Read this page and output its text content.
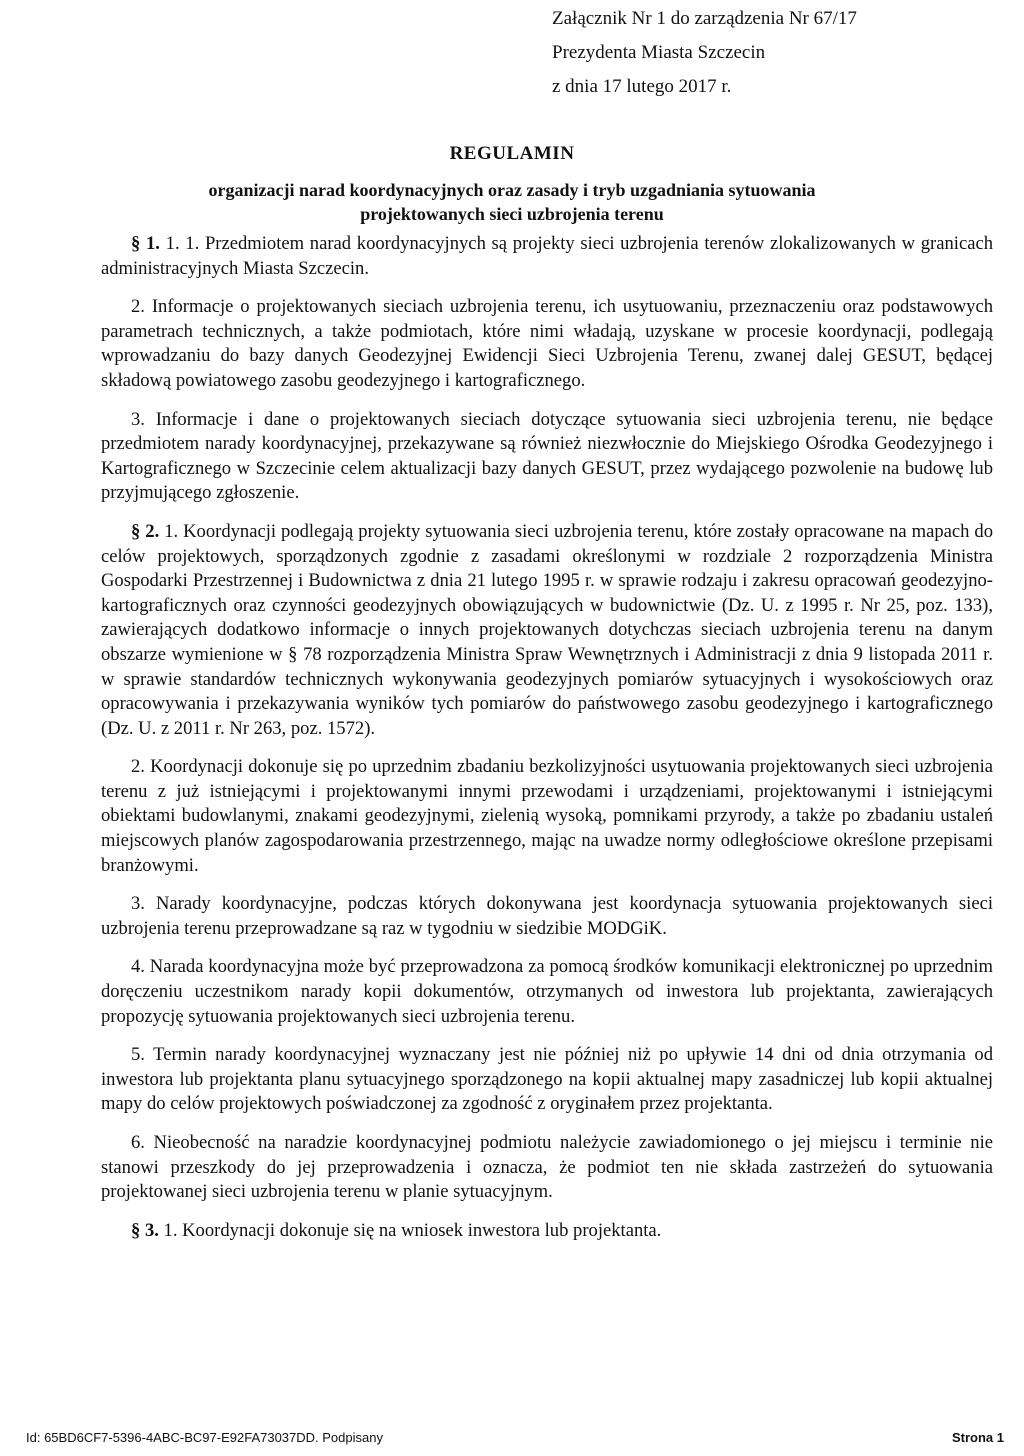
Załącznik Nr 1 do zarządzenia Nr 67/17
Prezydenta Miasta Szczecin
z dnia 17 lutego 2017 r.
REGULAMIN
organizacji narad koordynacyjnych oraz zasady i tryb uzgadniania sytuowania
projektowanych sieci uzbrojenia terenu

§ 1. 1. 1. Przedmiotem narad koordynacyjnych są projekty sieci uzbrojenia terenów zlokalizowanych w granicach administracyjnych Miasta Szczecin.

2. Informacje o projektowanych sieciach uzbrojenia terenu, ich usytuowaniu, przeznaczeniu oraz podstawowych parametrach technicznych, a także podmiotach, które nimi władają, uzyskane w procesie koordynacji, podlegają wprowadzaniu do bazy danych Geodezyjnej Ewidencji Sieci Uzbrojenia Terenu, zwanej dalej GESUT, będącej składową powiatowego zasobu geodezyjnego i kartograficznego.

3. Informacje i dane o projektowanych sieciach dotyczące sytuowania sieci uzbrojenia terenu, nie będące przedmiotem narady koordynacyjnej, przekazywane są również niezwłocznie do Miejskiego Ośrodka Geodezyjnego i Kartograficznego w Szczecinie celem aktualizacji bazy danych GESUT, przez wydającego pozwolenie na budowę lub przyjmującego zgłoszenie.

§ 2. 1. Koordynacji podlegają projekty sytuowania sieci uzbrojenia terenu, które zostały opracowane na mapach do celów projektowych, sporządzonych zgodnie z zasadami określonymi w rozdziale 2 rozporządzenia Ministra Gospodarki Przestrzennej i Budownictwa z dnia 21 lutego 1995 r. w sprawie rodzaju i zakresu opracowań geodezyjno-kartograficznych oraz czynności geodezyjnych obowiązujących w budownictwie (Dz. U. z 1995 r. Nr 25, poz. 133), zawierających dodatkowo informacje o innych projektowanych dotychczas sieciach uzbrojenia terenu na danym obszarze wymienione w § 78 rozporządzenia Ministra Spraw Wewnętrznych i Administracji z dnia 9 listopada 2011 r. w sprawie standardów technicznych wykonywania geodezyjnych pomiarów sytuacyjnych i wysokościowych oraz opracowywania i przekazywania wyników tych pomiarów do państwowego zasobu geodezyjnego i kartograficznego (Dz. U. z 2011 r. Nr 263, poz. 1572).

2. Koordynacji dokonuje się po uprzednim zbadaniu bezkolizyjności usytuowania projektowanych sieci uzbrojenia terenu z już istniejącymi i projektowanymi innymi przewodami i urządzeniami, projektowanymi i istniejącymi obiektami budowlanymi, znakami geodezyjnymi, zielenią wysoką, pomnikami przyrody, a także po zbadaniu ustaleń miejscowych planów zagospodarowania przestrzennego, mając na uwadze normy odległościowe określone przepisami branżowymi.

3. Narady koordynacyjne, podczas których dokonywana jest koordynacja sytuowania projektowanych sieci uzbrojenia terenu przeprowadzane są raz w tygodniu w siedzibie MODGiK.

4. Narada koordynacyjna może być przeprowadzona za pomocą środków komunikacji elektronicznej po uprzednim doręczeniu uczestnikom narady kopii dokumentów, otrzymanych od inwestora lub projektanta, zawierających propozycję sytuowania projektowanych sieci uzbrojenia terenu.

5. Termin narady koordynacyjnej wyznaczany jest nie później niż po upływie 14 dni od dnia otrzymania od inwestora lub projektanta planu sytuacyjnego sporządzonego na kopii aktualnej mapy zasadniczej lub kopii aktualnej mapy do celów projektowych poświadczonej za zgodność z oryginałem przez projektanta.

6. Nieobecność na naradzie koordynacyjnej podmiotu należycie zawiadomionego o jej miejscu i terminie nie stanowi przeszkody do jej przeprowadzenia i oznacza, że podmiot ten nie składa zastrzeżeń do sytuowania projektowanej sieci uzbrojenia terenu w planie sytuacyjnym.

§ 3. 1. Koordynacji dokonuje się na wniosek inwestora lub projektanta.

Id: 65BD6CF7-5396-4ABC-BC97-E92FA73037DD. Podpisany	Strona 1
